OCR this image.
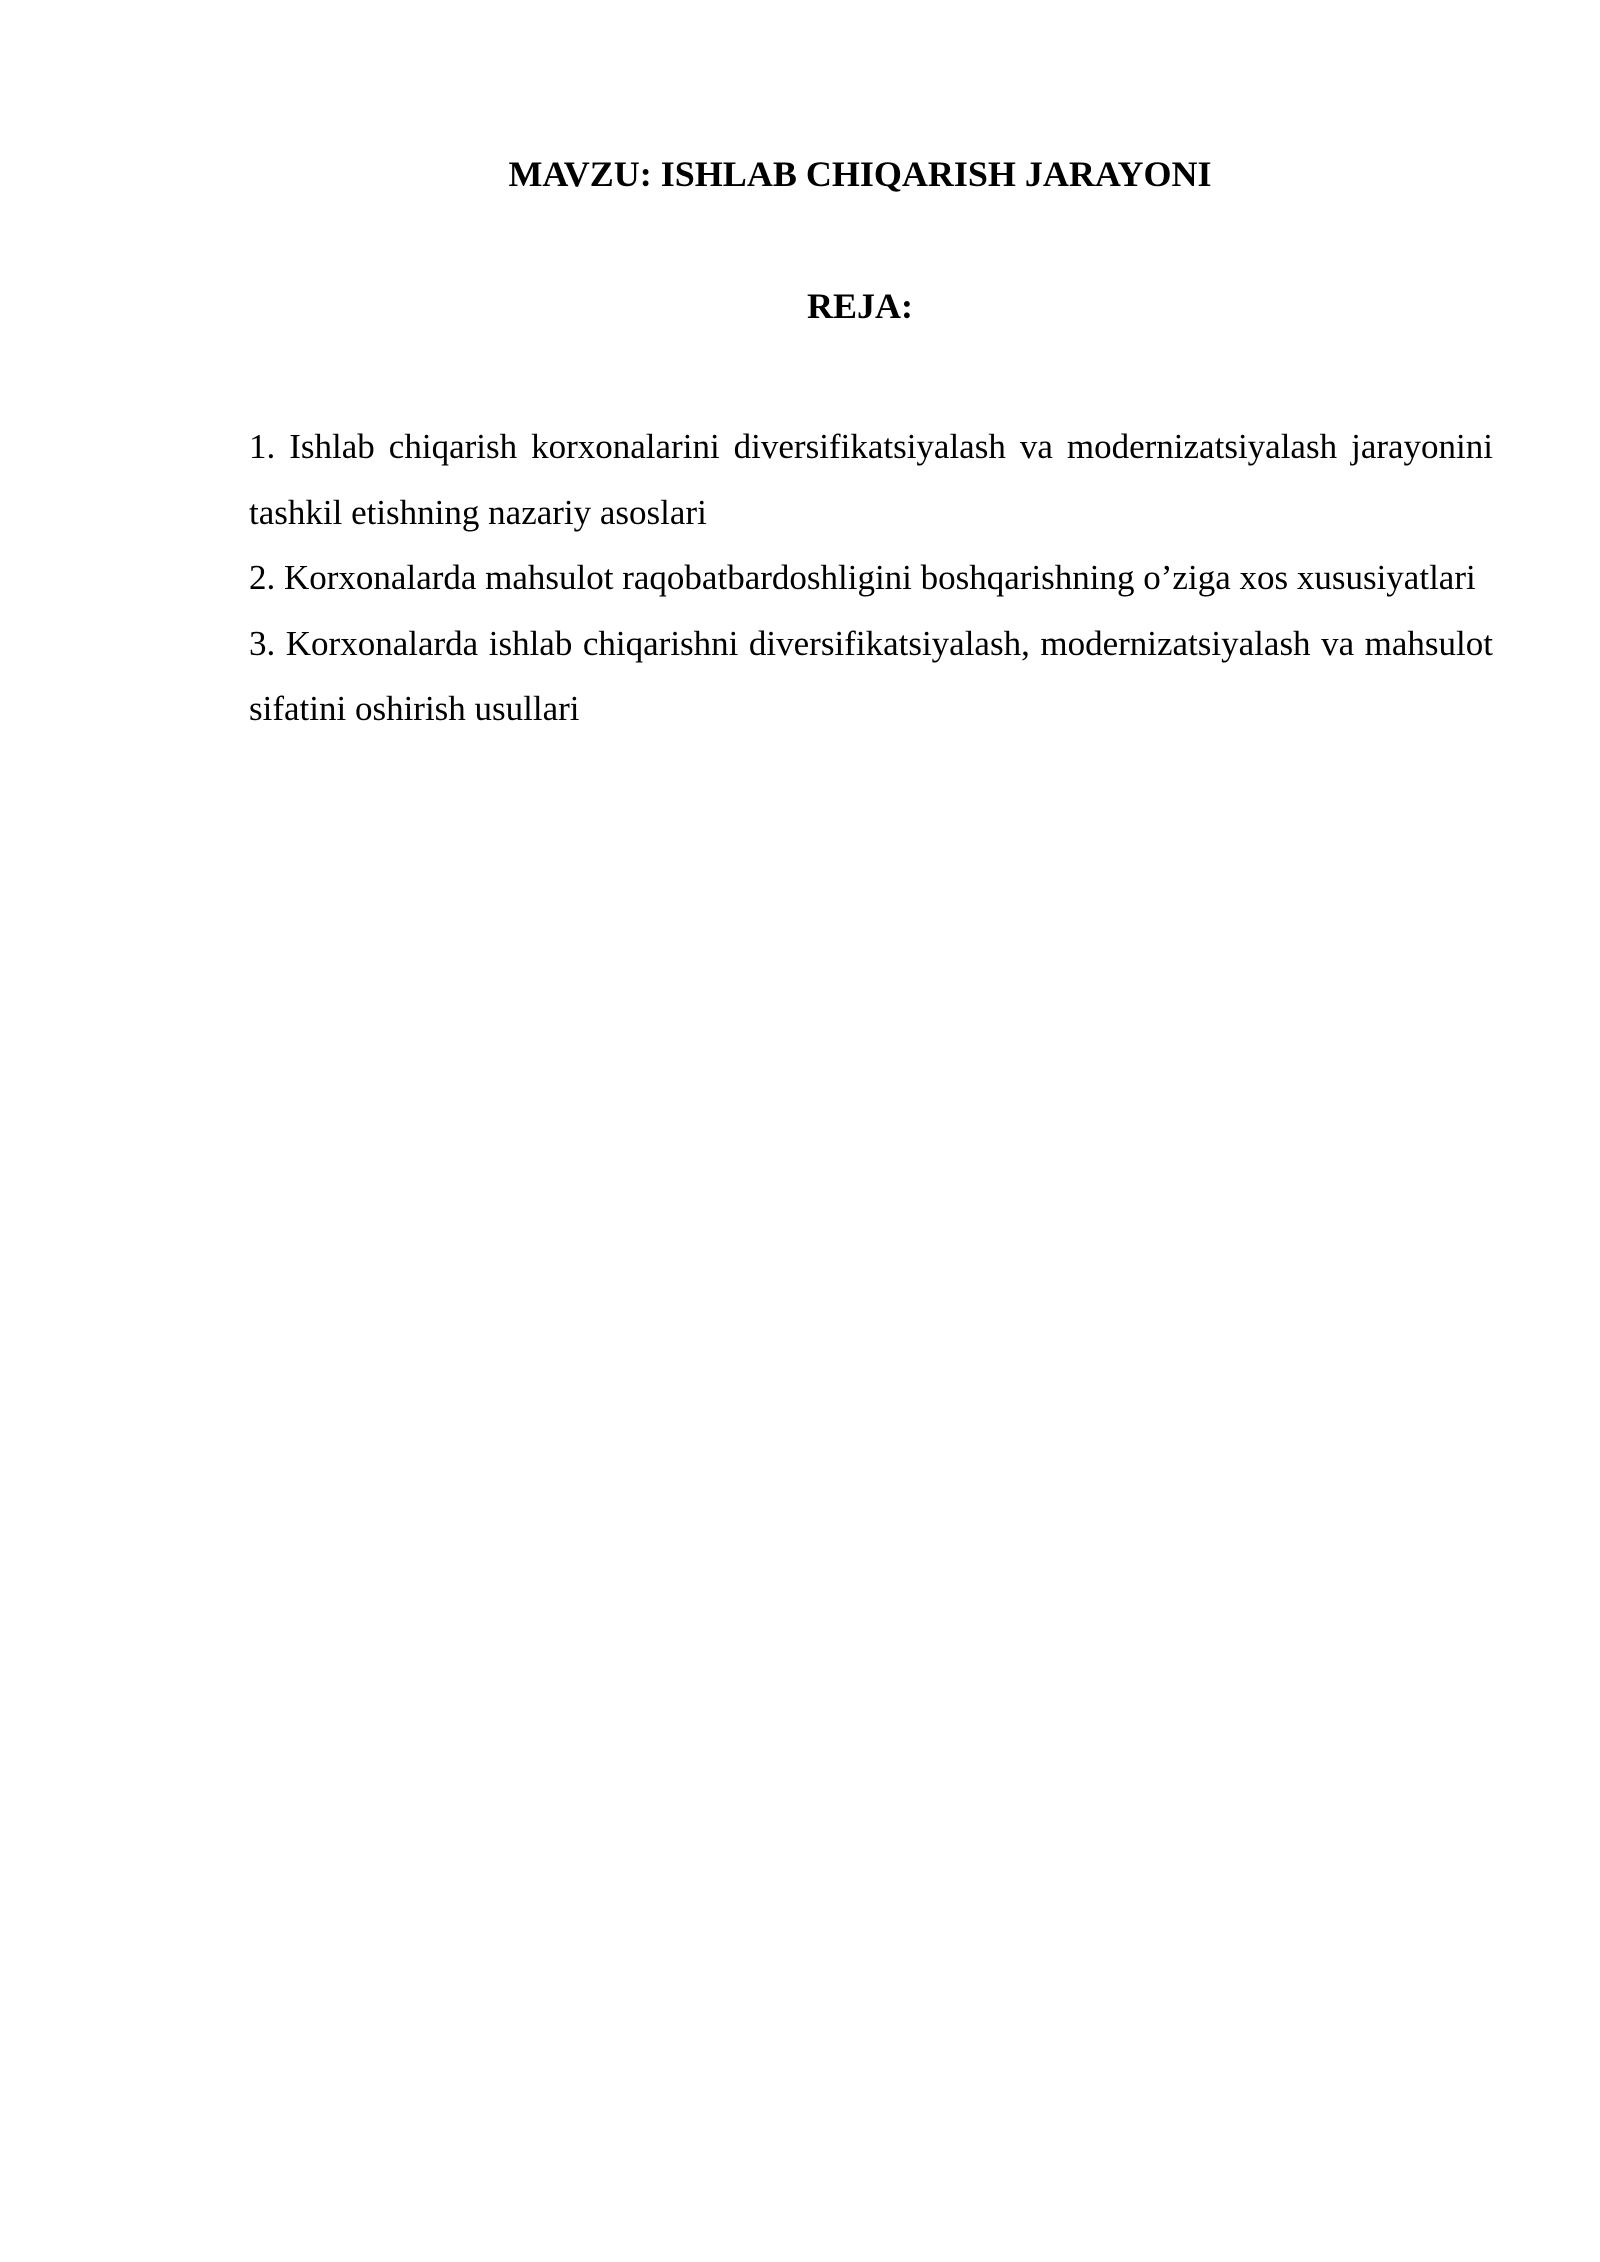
MAVZU: ISHLAB CHIQARISH JARAYONI
REJA:
1. Ishlab chiqarish korxonalarini diversifikatsiyalash va modernizatsiyalash jarayonini tashkil etishning nazariy asoslari
2. Korxonalarda mahsulot raqobatbardoshligini boshqarishning o’ziga xos xususiyatlari
3. Korxonalarda ishlab chiqarishni diversifikatsiyalash, modernizatsiyalash va mahsulot sifatini oshirish usullari
